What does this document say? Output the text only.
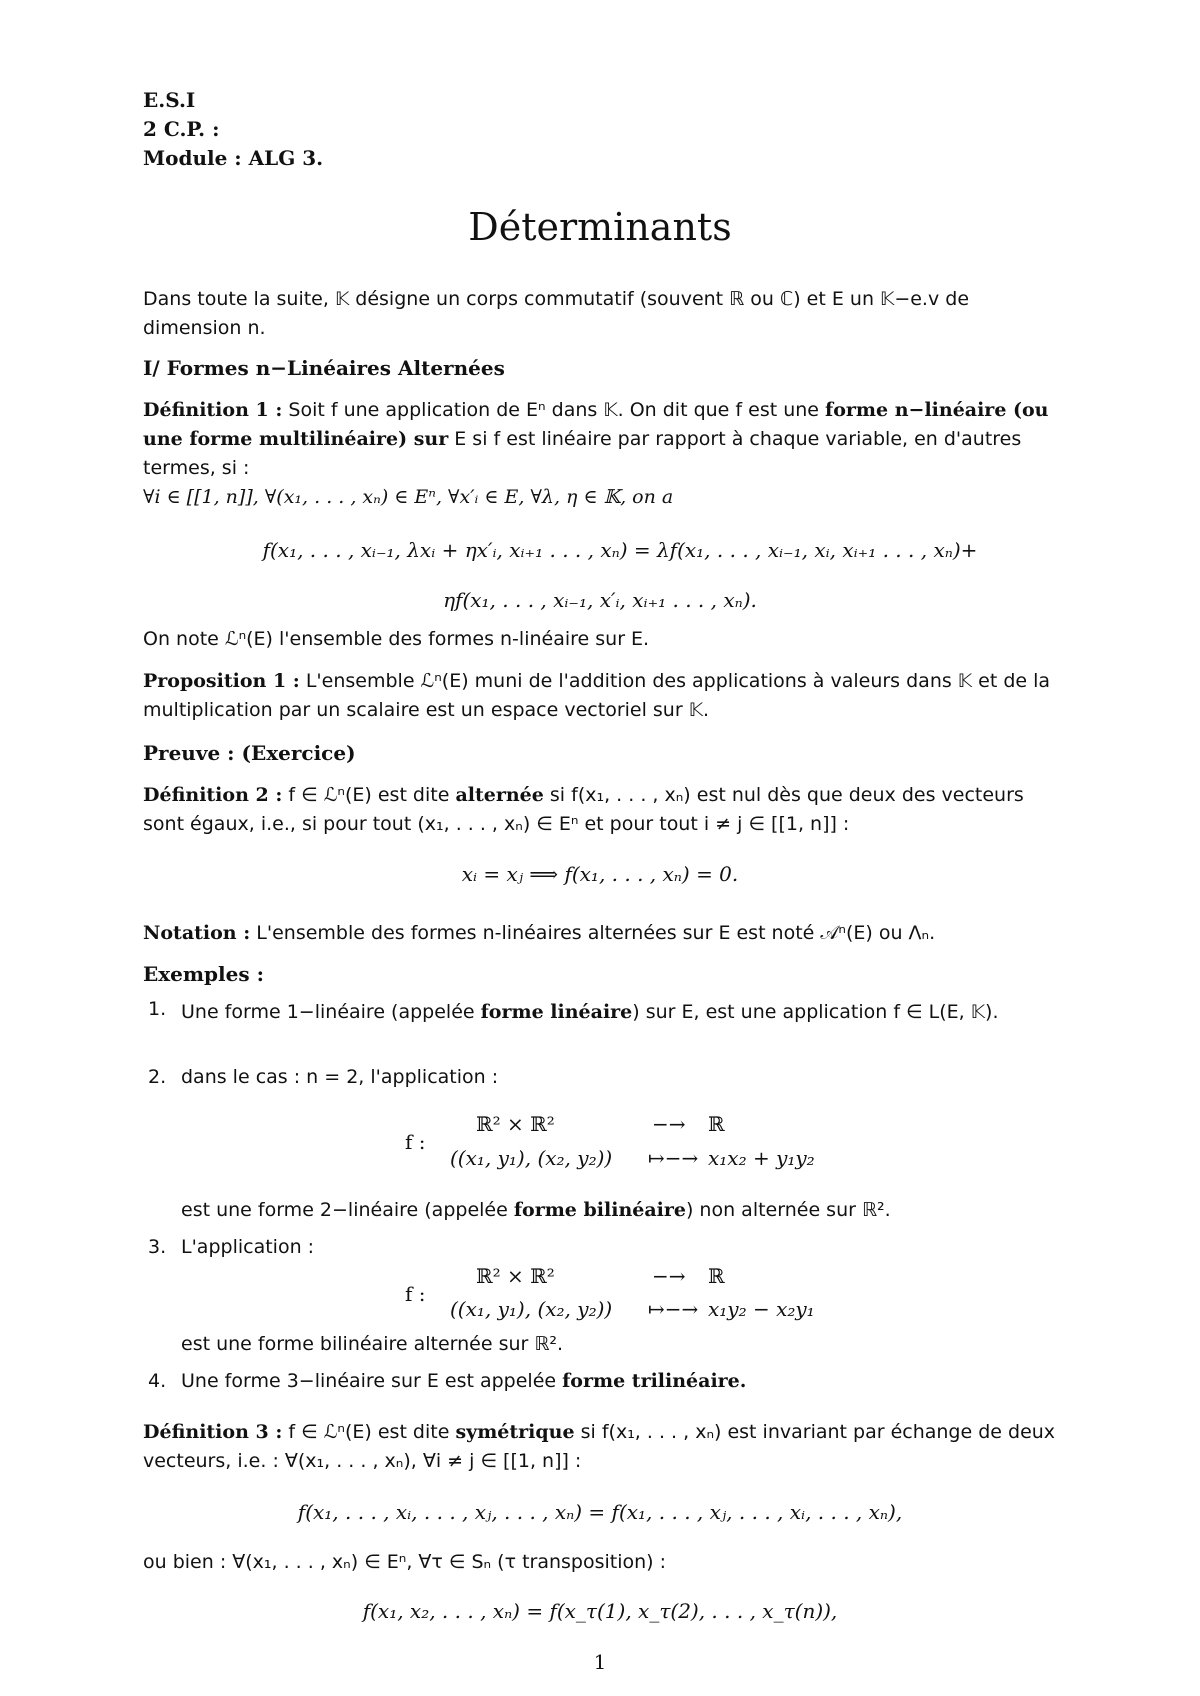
E.S.I
2 C.P. :
Module : ALG 3.
Déterminants
Dans toute la suite, 𝕂 désigne un corps commutatif (souvent ℝ ou ℂ) et E un 𝕂−e.v de dimension n.
I/ Formes n−Linéaires Alternées
Définition 1 : Soit f une application de Eⁿ dans 𝕂. On dit que f est une forme n−linéaire (ou une forme multilinéaire) sur E si f est linéaire par rapport à chaque variable, en d'autres termes, si :
∀i ∈ [[1, n]], ∀(x₁, . . . , xₙ) ∈ Eⁿ, ∀x′ᵢ ∈ E, ∀λ, η ∈ 𝕂, on a
f(x₁, . . . , xᵢ₋₁, λxᵢ + ηx′ᵢ, xᵢ₊₁ . . . , xₙ) = λf(x₁, . . . , xᵢ₋₁, xᵢ, xᵢ₊₁ . . . , xₙ)+
ηf(x₁, . . . , xᵢ₋₁, x′ᵢ, xᵢ₊₁ . . . , xₙ).
On note ℒⁿ(E) l'ensemble des formes n-linéaire sur E.
Proposition 1 : L'ensemble ℒⁿ(E) muni de l'addition des applications à valeurs dans 𝕂 et de la multiplication par un scalaire est un espace vectoriel sur 𝕂.
Preuve : (Exercice)
Définition 2 : f ∈ ℒⁿ(E) est dite alternée si f(x₁, . . . , xₙ) est nul dès que deux des vecteurs sont égaux, i.e., si pour tout (x₁, . . . , xₙ) ∈ Eⁿ et pour tout i ≠ j ∈ [[1, n]] :
xᵢ = xⱼ ⟹ f(x₁, . . . , xₙ) = 0.
Notation : L'ensemble des formes n-linéaires alternées sur E est noté 𝒜ⁿ(E) ou Λₙ.
Exemples :
1. Une forme 1−linéaire (appelée forme linéaire) sur E, est une application f ∈ L(E, 𝕂).
2. dans le cas : n = 2, l'application :
f :
ℝ² × ℝ²	−→ ℝ
((x₁, y₁), (x₂, y₂)) ↦−→ x₁x₂ + y₁y₂
est une forme 2−linéaire (appelée forme bilinéaire) non alternée sur ℝ².
3. L'application :
f :
ℝ² × ℝ²	−→ ℝ
((x₁, y₁), (x₂, y₂)) ↦−→ x₁y₂ − x₂y₁
est une forme bilinéaire alternée sur ℝ².
4. Une forme 3−linéaire sur E est appelée forme trilinéaire.
Définition 3 : f ∈ ℒⁿ(E) est dite symétrique si f(x₁, . . . , xₙ) est invariant par échange de deux vecteurs, i.e. : ∀(x₁, . . . , xₙ), ∀i ≠ j ∈ [[1, n]] :
f(x₁, . . . , xᵢ, . . . , xⱼ, . . . , xₙ) = f(x₁, . . . , xⱼ, . . . , xᵢ, . . . , xₙ),
ou bien : ∀(x₁, . . . , xₙ) ∈ Eⁿ, ∀τ ∈ Sₙ (τ transposition) :
f(x₁, x₂, . . . , xₙ) = f(x_τ(1), x_τ(2), . . . , x_τ(n)),
1
